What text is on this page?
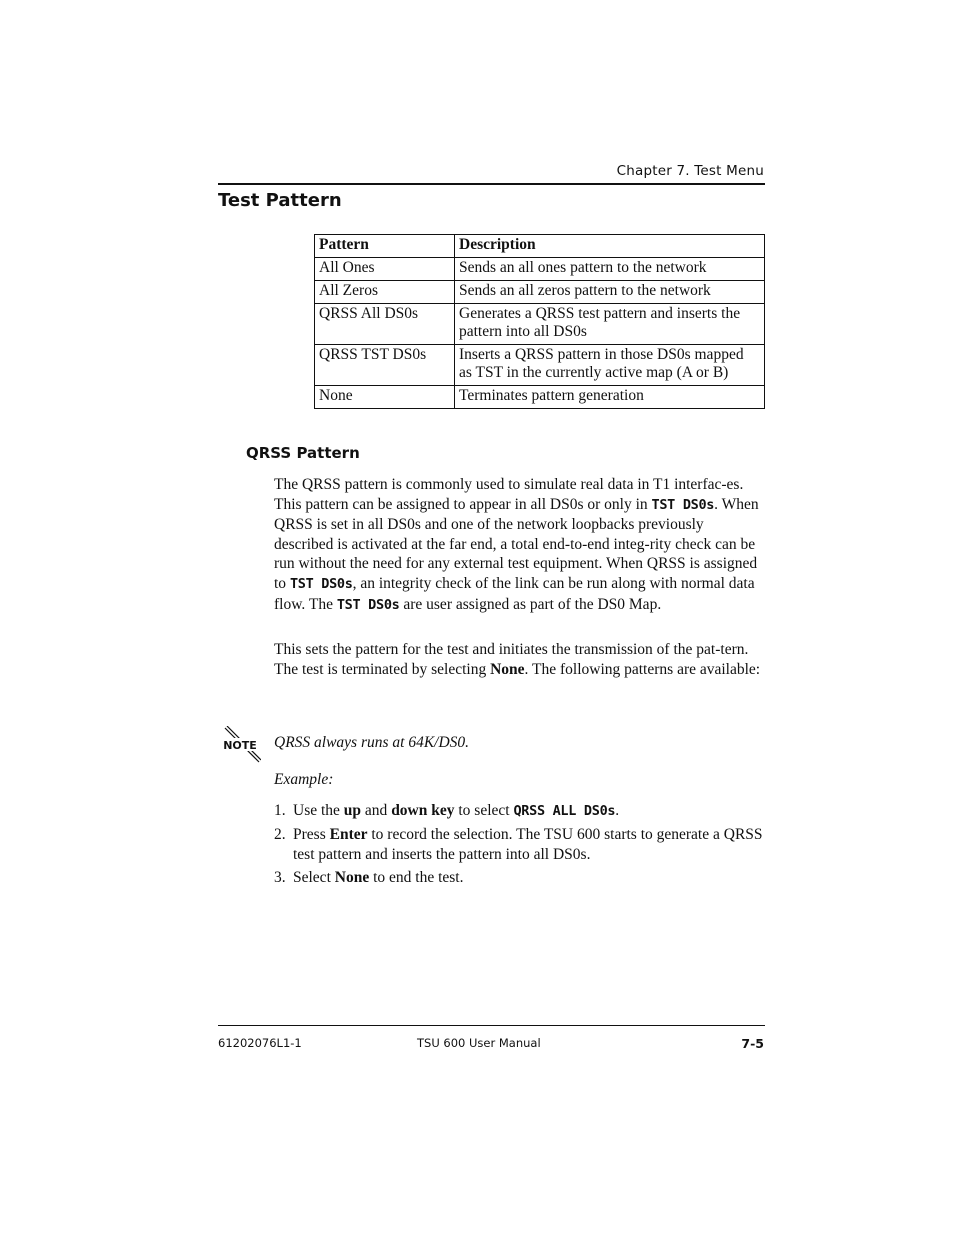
Chapter 7. Test Menu
Test Pattern
Pattern	Description
All Ones	Sends an all ones pattern to the network
All Zeros	Sends an all zeros pattern to the network
QRSS All DS0s	Generates a QRSS test pattern and inserts the pattern into all DS0s
QRSS TST DS0s	Inserts a QRSS pattern in those DS0s mapped as TST in the currently active map (A or B)
None	Terminates pattern generation
QRSS Pattern
The QRSS pattern is commonly used to simulate real data in T1 interfac-es. This pattern can be assigned to appear in all DS0s or only in TST DS0s. When QRSS is set in all DS0s and one of the network loopbacks previously described is activated at the far end, a total end-to-end integ-rity check can be run without the need for any external test equipment. When QRSS is assigned to TST DS0s, an integrity check of the link can be run along with normal data flow. The TST DS0s are user assigned as part of the DS0 Map.
This sets the pattern for the test and initiates the transmission of the pat-tern. The test is terminated by selecting None. The following patterns are available:
NOTE QRSS always runs at 64K/DS0.
Example:
1. Use the up and down key to select QRSS ALL DS0s.
2. Press Enter to record the selection. The TSU 600 starts to generate a QRSS test pattern and inserts the pattern into all DS0s.
3. Select None to end the test.
61202076L1-1	TSU 600 User Manual	7-5
